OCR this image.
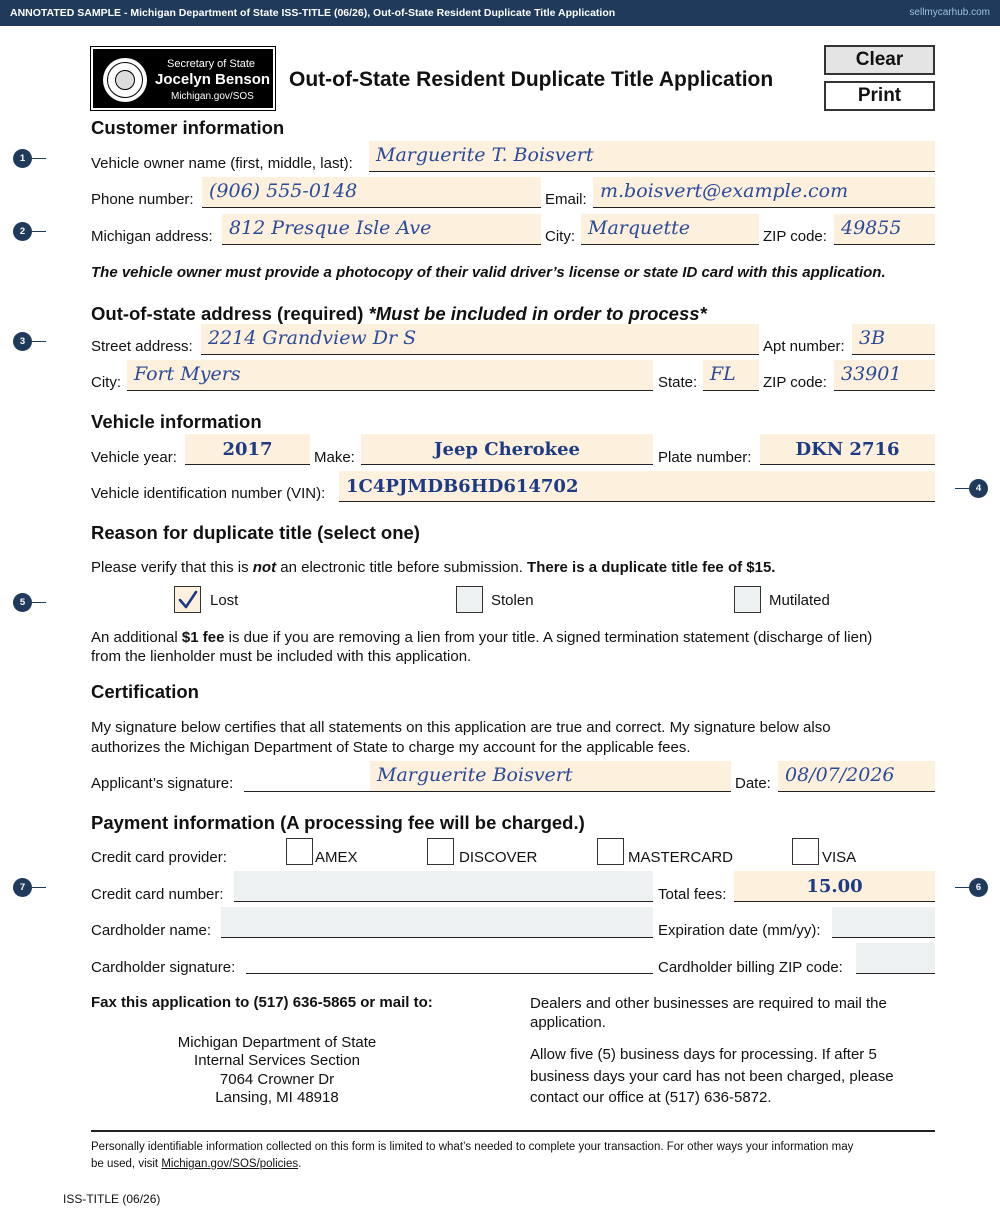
ANNOTATED SAMPLE - Michigan Department of State ISS-TITLE (06/26), Out-of-State Resident Duplicate Title Application	sellmycarhub.com
Secretary of State
Jocelyn Benson
Michigan.gov/SOS
Out-of-State Resident Duplicate Title Application
Clear
Print
1
2
3
4
5
6
7
Customer information
Vehicle owner name (first, middle, last): Marguerite T. Boisvert
Phone number: (906) 555-0148	Email: m.boisvert@example.com
Michigan address: 812 Presque Isle Ave	City: Marquette	ZIP code: 49855
The vehicle owner must provide a photocopy of their valid driver’s license or state ID card with this application.
Out-of-state address (required) *Must be included in order to process*
Street address: 2214 Grandview Dr S	Apt number: 3B
City: Fort Myers	State: FL ZIP code: 33901
Vehicle information
Vehicle year:	2017	Make:	Jeep Cherokee	Plate number:	DKN 2716
Vehicle identification number (VIN): 1C4PJMDB6HD614702
Reason for duplicate title (select one)
Please verify that this is not an electronic title before submission. There is a duplicate title fee of $15.
Lost	Stolen	Mutilated
An additional $1 fee is due if you are removing a lien from your title. A signed termination statement (discharge of lien)
from the lienholder must be included with this application.
Certification
My signature below certifies that all statements on this application are true and correct. My signature below also
authorizes the Michigan Department of State to charge my account for the applicable fees.
Applicant’s signature:	Marguerite Boisvert	Date: 08/07/2026
Payment information (A processing fee will be charged.)
Credit card provider:	AMEX	DISCOVER	MASTERCARD	VISA
Credit card number:	Total fees:	15.00
Cardholder name:	Expiration date (mm/yy):
Cardholder signature:	Cardholder billing ZIP code:
Fax this application to (517) 636-5865 or mail to:
Michigan Department of State
Internal Services Section
7064 Crowner Dr
Lansing, MI 48918
Dealers and other businesses are required to mail the
application.
Allow five (5) business days for processing. If after 5
business days your card has not been charged, please
contact our office at (517) 636-5872.
Personally identifiable information collected on this form is limited to what’s needed to complete your transaction. For other ways your information may
be used, visit Michigan.gov/SOS/policies.
ISS-TITLE (06/26)
